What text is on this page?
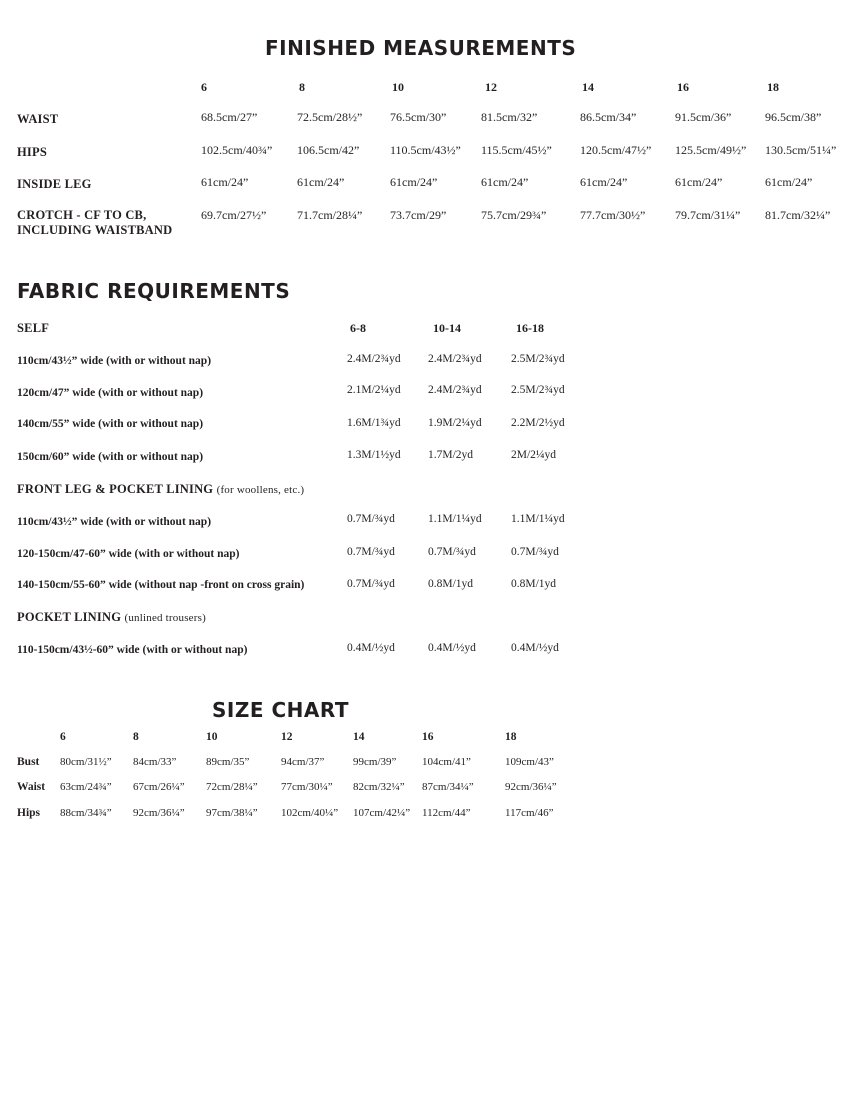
FINISHED MEASUREMENTS
6	8	10	12	14	16	18
WAIST	68.5cm/27”	72.5cm/28½” 76.5cm/30”	81.5cm/32”	86.5cm/34”	91.5cm/36”	96.5cm/38”
HIPS	102.5cm/40¾” 106.5cm/42”	110.5cm/43½” 115.5cm/45½” 120.5cm/47½” 125.5cm/49½” 130.5cm/51¼”
INSIDE LEG	61cm/24”	61cm/24”	61cm/24”	61cm/24”	61cm/24”	61cm/24”	61cm/24”
CROTCH - CF TO CB,
INCLUDING WAISTBAND
69.7cm/27½”	71.7cm/28¼” 73.7cm/29”	75.7cm/29¾”	77.7cm/30½” 79.7cm/31¼” 81.7cm/32¼”
FABRIC REQUIREMENTS
SELF	6-8	10-14	16-18
110cm/43½” wide (with or without nap)	2.4M/2¾yd 2.4M/2¾yd	2.5M/2¾yd
120cm/47” wide (with or without nap)	2.1M/2¼yd 2.4M/2¾yd	2.5M/2¾yd
140cm/55” wide (with or without nap)	1.6M/1¾yd 1.9M/2¼yd	2.2M/2½yd
150cm/60” wide (with or without nap)	1.3M/1½yd 1.7M/2yd	2M/2¼yd
FRONT LEG & POCKET LINING (for woollens, etc.)
110cm/43½” wide (with or without nap)	0.7M/¾yd	1.1M/1¼yd	1.1M/1¼yd
120-150cm/47-60” wide (with or without nap)	0.7M/¾yd	0.7M/¾yd	0.7M/¾yd
140-150cm/55-60” wide (without nap -front on cross grain)	0.7M/¾yd	0.8M/1yd	0.8M/1yd
POCKET LINING (unlined trousers)
110-150cm/43½-60” wide (with or without nap)	0.4M/½yd	0.4M/½yd	0.4M/½yd
SIZE CHART
6	8	10	12	14	16	18
Bust 80cm/31½” 84cm/33”	89cm/35”	94cm/37”	99cm/39” 104cm/41”	109cm/43”
Waist 63cm/24¾” 67cm/26¼” 72cm/28¼” 77cm/30¼” 82cm/32¼” 87cm/34¼”	92cm/36¼”
Hips 88cm/34¾” 92cm/36¼” 97cm/38¼” 102cm/40¼” 107cm/42¼” 112cm/44”	117cm/46”
